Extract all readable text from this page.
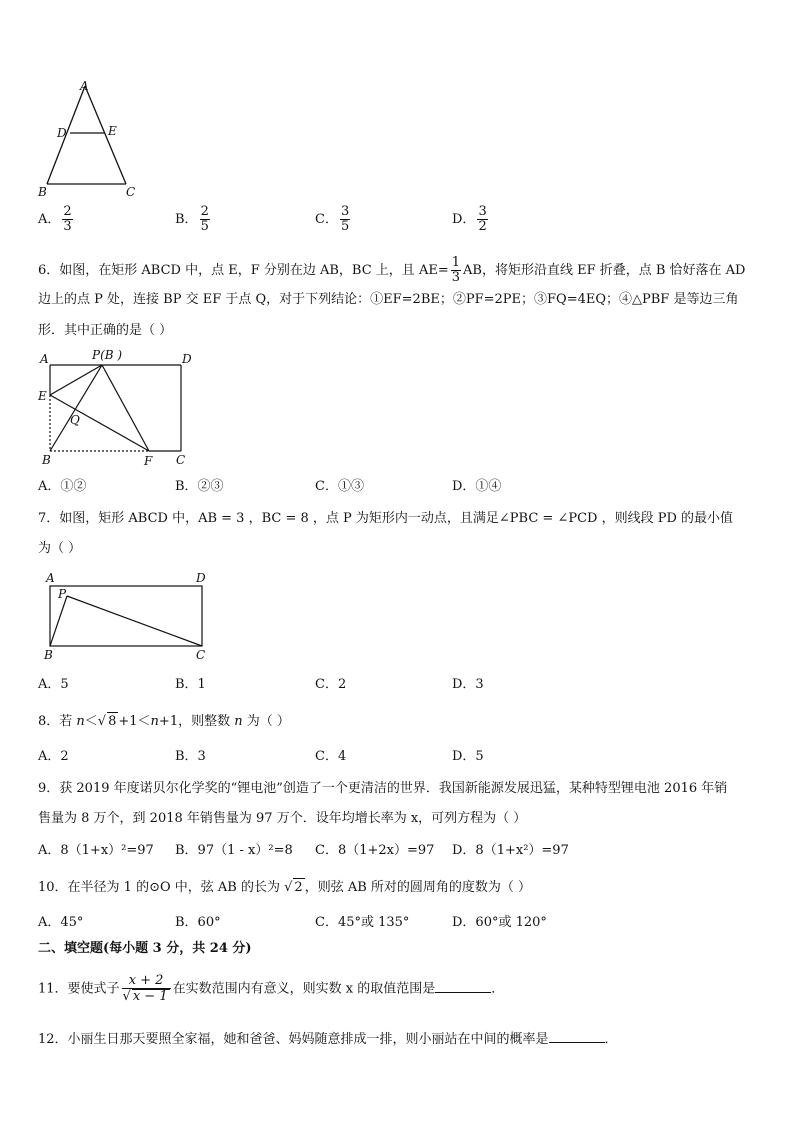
A
D	E
B	C
A． $\frac{2}{3}$	B． $\frac{2}{5}$	C． $\frac{3}{5}$	D． $\frac{3}{2}$
6．如图，在矩形 ABCD 中，点 E，F 分别在边 AB，BC 上，且 $AE= \frac{1}{3}$ AB，将矩形沿直线 EF 折叠，点 B 恰好落在 AD
边上的点 P 处，连接 BP 交 EF 于点 Q，对于下列结论：①EF=2BE；②PF=2PE；③FQ=4EQ；④△PBF 是等边三角
形．其中正确的是（ ）
A	P(B )	D
E
Q
B	F C
A．①②	B．②③	C．①③	D．①④
7．如图，矩形 ABCD 中，AB = 3 ，BC = 8 ，点 P 为矩形内一动点，且满足∠PBC = ∠PCD ，则线段 PD 的最小值
为（ ）
A	D
P
B	C
A．5	B．1	C．2	D．3
8．若 n＜√ 8 +1＜n+1，则整数 n 为（ ）
A．2	B．3	C．4	D．5
9．获 2019 年度诺贝尔化学奖的“锂电池”创造了一个更清洁的世界．我国新能源发展迅猛，某种特型锂电池 2016 年销
售量为 8 万个，到 2018 年销售量为 97 万个．设年均增长率为 x，可列方程为（ ）
A．8（1+x）²=97 B．97（1 - x）²=8 C．8（1+2x）=97 D．8（1+x²）=97
10．在半径为 1 的⊙O 中，弦 AB 的长为 √ 2 ，则弦 AB 所对的圆周角的度数为（ ）
A．45°	B．60°	C．45°或 135°	D．60°或 120°
二、填空题(每小题 3 分，共 24 分)
11．要使式子 $\frac{x + 2}{√ x - 1}$ 在实数范围内有意义，则实数 x 的取值范围是	．
12．小丽生日那天要照全家福，她和爸爸、妈妈随意排成一排，则小丽站在中间的概率是	．
